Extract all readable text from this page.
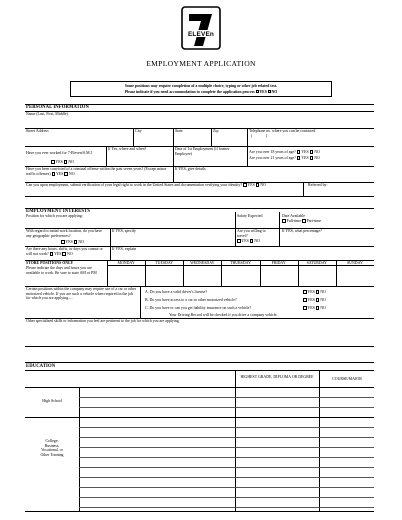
ELEVEn
EMPLOYMENT APPLICATION
Some positions may require completion of a multiple choice, typing or other job related test.
Please indicate if you need accommodation to complete the application process YES NO
PERSONAL INFORMATION
Name (Last, First, Middle)
Street Address	City	State	Zip	Telephone no. where you can be contacted
(              )
Have you ever worked for 7-Eleven/S.M.I
YES NO
If Yes, where and when?	Date of 1st Employment (if former Employee)	Are you over 18 years of age? YES NO
Are you over 21 years of age? YES NO
Have you been convicted of a criminal offense within the past seven years? (Except minor traffic offenses) YES NO
If YES, give details.
Can you upon employment, submit verification of your legal right to work in the United States and documentation verifying your identity? YES NO	Referred by:
EMPLOYMENT INTERESTS
Position for which you are applying:	Salary Expected	Date Available
Full-time Part-time
With regard to initial work location, do you have any geographic preferences?
YES NO
If YES, specify	Are you willing to travel?
YES NO
If YES, what percentage?
Are there any hours, shifts, or days you cannot or will not work? YES NO
If YES, explain
STORE POSITIONS ONLY
Please indicate the days and hours you are available to work. Be sure to state AM or PM
MONDAY	TUESDAY	WEDNESDAY	THURSDAY	FRIDAY	SATURDAY	SUNDAY
Certain positions within the company may require use of a car or other motorized vehicle. If you are such a vehicle when required in the job for which you are applying.....
A. Do you have a valid driver's license?	YES NO
B. Do you have access to a car or other motorized vehicle?	YES NO
C. Do you have or can you get liability insurance on such a vehicle?	YES NO
Your Driving Record will be checked if you drive a company vehicle.
Other specialized skills or information you feel are pertinent to the job for which you are applying
EDUCATION
HIGHEST GRADE, DIPLOMA OR DEGREE	COURSE/MAJOR
High School
College,
Business,
Vocational, or
Other Training
